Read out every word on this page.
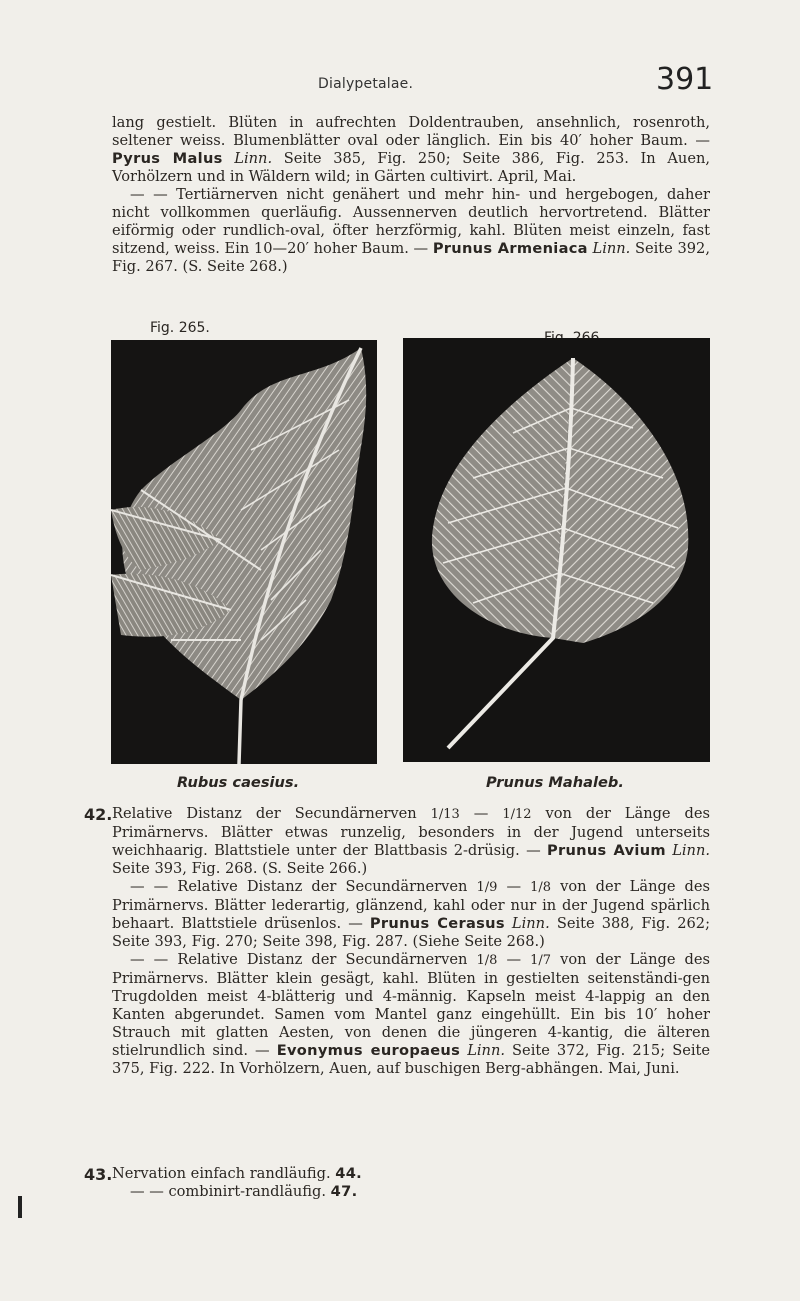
Dialypetalae.	391

lang gestielt. Blüten in aufrechten Doldentrauben, ansehnlich, rosenroth, seltener weiss. Blumenblätter oval oder länglich. Ein bis 40′ hoher Baum. — Pyrus Malus Linn. Seite 385, Fig. 250; Seite 386, Fig. 253. In Auen, Vorhölzern und in Wäldern wild; in Gärten cultivirt. April, Mai.

— — Tertiärnerven nicht genähert und mehr hin- und hergebogen, daher nicht vollkommen querläufig. Aussennerven deutlich hervortretend. Blätter eiförmig oder rundlich-oval, öfter herzförmig, kahl. Blüten meist einzeln, fast sitzend, weiss. Ein 10—20′ hoher Baum. — Prunus Armeniaca Linn. Seite 392, Fig. 267. (S. Seite 268.)

Fig. 265.
Rubus caesius.	Prunus Mahaleb.
42. Relative Distanz der Secundärnerven 1/13 — 1/12 von der Länge des Primärnervs. Blätter etwas runzelig, besonders in der Jugend unterseits weichhaarig. Blattstiele unter der Blattbasis 2-drüsig. — Prunus Avium Linn. Seite 393, Fig. 268. (S. Seite 266.)

— — Relative Distanz der Secundärnerven 1/9 — 1/8 von der Länge des Primärnervs. Blätter lederartig, glänzend, kahl oder nur in der Jugend spärlich behaart. Blattstiele drüsenlos. — Prunus Cerasus Linn. Seite 388, Fig. 262; Seite 393, Fig. 270; Seite 398, Fig. 287. (Siehe Seite 268.)

— — Relative Distanz der Secundärnerven 1/8 — 1/7 von der Länge des Primärnervs. Blätter klein gesägt, kahl. Blüten in gestielten seitenständi-gen Trugdolden meist 4-blätterig und 4-männig. Kapseln meist 4-lappig an den Kanten abgerundet. Samen vom Mantel ganz eingehüllt. Ein bis 10′ hoher Strauch mit glatten Aesten, von denen die jüngeren 4-kantig, die älteren stielrundlich sind. — Evonymus europaeus Linn. Seite 372, Fig. 215; Seite 375, Fig. 222. In Vorhölzern, Auen, auf buschigen Berg-abhängen. Mai, Juni.

43. Nervation einfach randläufig. 44.

— — combinirt-randläufig. 47.
